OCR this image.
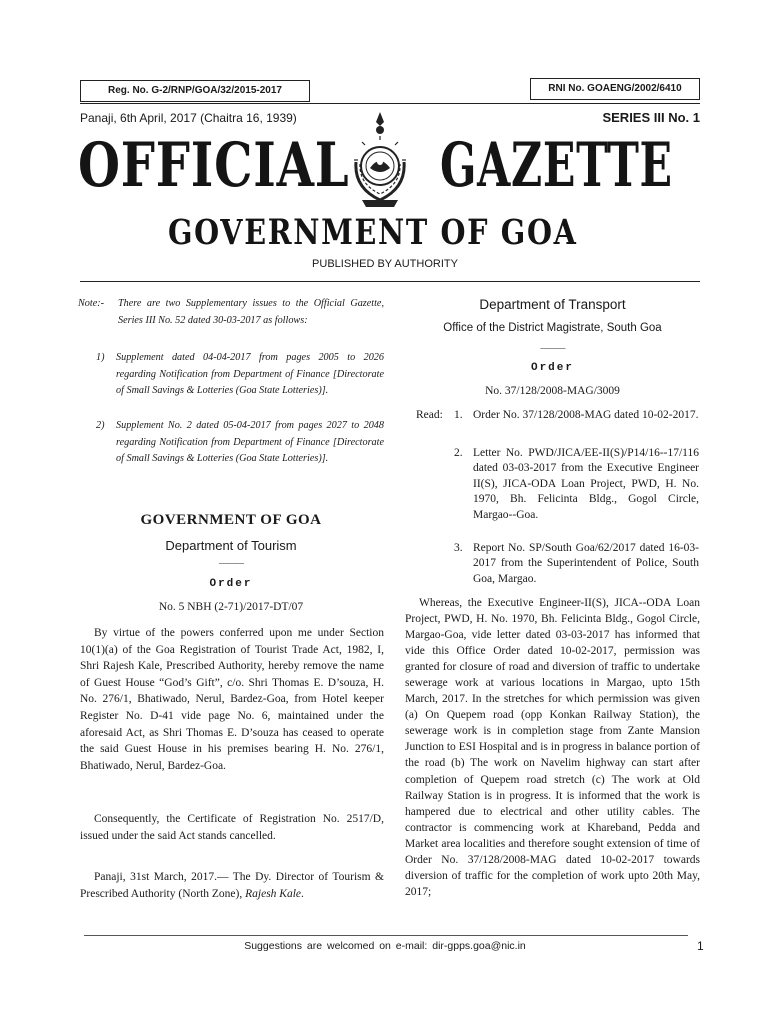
Reg. No. G-2/RNP/GOA/32/2015-2017	RNI No. GOAENG/2002/6410
Panaji, 6th April, 2017 (Chaitra 16, 1939)	SERIES III No. 1
OFFICIAL GAZETTE
GOVERNMENT OF GOA
PUBLISHED BY AUTHORITY
Note:- There are two Supplementary issues to the Official Gazette, Series III No. 52 dated 30-03-2017 as follows:
1) Supplement dated 04-04-2017 from pages 2005 to 2026 regarding Notification from Department of Finance [Directorate of Small Savings & Lotteries (Goa State Lotteries)].
2) Supplement No. 2 dated 05-04-2017 from pages 2027 to 2048 regarding Notification from Department of Finance [Directorate of Small Savings & Lotteries (Goa State Lotteries)].
GOVERNMENT OF GOA
Department of Tourism
———
Order
No. 5 NBH (2-71)/2017-DT/07
By virtue of the powers conferred upon me under Section 10(1)(a) of the Goa Registration of Tourist Trade Act, 1982, I, Shri Rajesh Kale, Prescribed Authority, hereby remove the name of Guest House “God’s Gift”, c/o. Shri Thomas E. D’souza, H. No. 276/1, Bhatiwado, Nerul, Bardez-Goa, from Hotel keeper Register No. D-41 vide page No. 6, maintained under the aforesaid Act, as Shri Thomas E. D’souza has ceased to operate the said Guest House in his premises bearing H. No. 276/1, Bhatiwado, Nerul, Bardez-Goa.
Consequently, the Certificate of Registration No. 2517/D, issued under the said Act stands cancelled.
Panaji, 31st March, 2017.— The Dy. Director of Tourism & Prescribed Authority (North Zone), Rajesh Kale.
Department of Transport
Office of the District Magistrate, South Goa
———
Order
No. 37/128/2008-MAG/3009
Read: 1. Order No. 37/128/2008-MAG dated 10-02-2017.
2. Letter No. PWD/JICA/EE-II(S)/P14/16--17/116 dated 03-03-2017 from the Executive Engineer II(S), JICA-ODA Loan Project, PWD, H. No. 1970, Bh. Felicinta Bldg., Gogol Circle, Margao--Goa.
3. Report No. SP/South Goa/62/2017 dated 16-03-2017 from the Superintendent of Police, South Goa, Margao.
Whereas, the Executive Engineer-II(S), JICA--ODA Loan Project, PWD, H. No. 1970, Bh. Felicinta Bldg., Gogol Circle, Margao-Goa, vide letter dated 03-03-2017 has informed that vide this Office Order dated 10-02-2017, permission was granted for closure of road and diversion of traffic to undertake sewerage work at various locations in Margao, upto 15th March, 2017. In the stretches for which permission was given (a) On Quepem road (opp Konkan Railway Station), the sewerage work is in completion stage from Zante Mansion Junction to ESI Hospital and is in progress in balance portion of the road (b) The work on Navelim highway can start after completion of Quepem road stretch (c) The work at Old Railway Station is in progress. It is informed that the work is hampered due to electrical and other utility cables. The contractor is commencing work at Khareband, Pedda and Market area localities and therefore sought extension of time of Order No. 37/128/2008-MAG dated 10-02-2017 towards diversion of traffic for the completion of work upto 20th May, 2017;
Suggestions are welcomed on e-mail: dir-gpps.goa@nic.in	1
